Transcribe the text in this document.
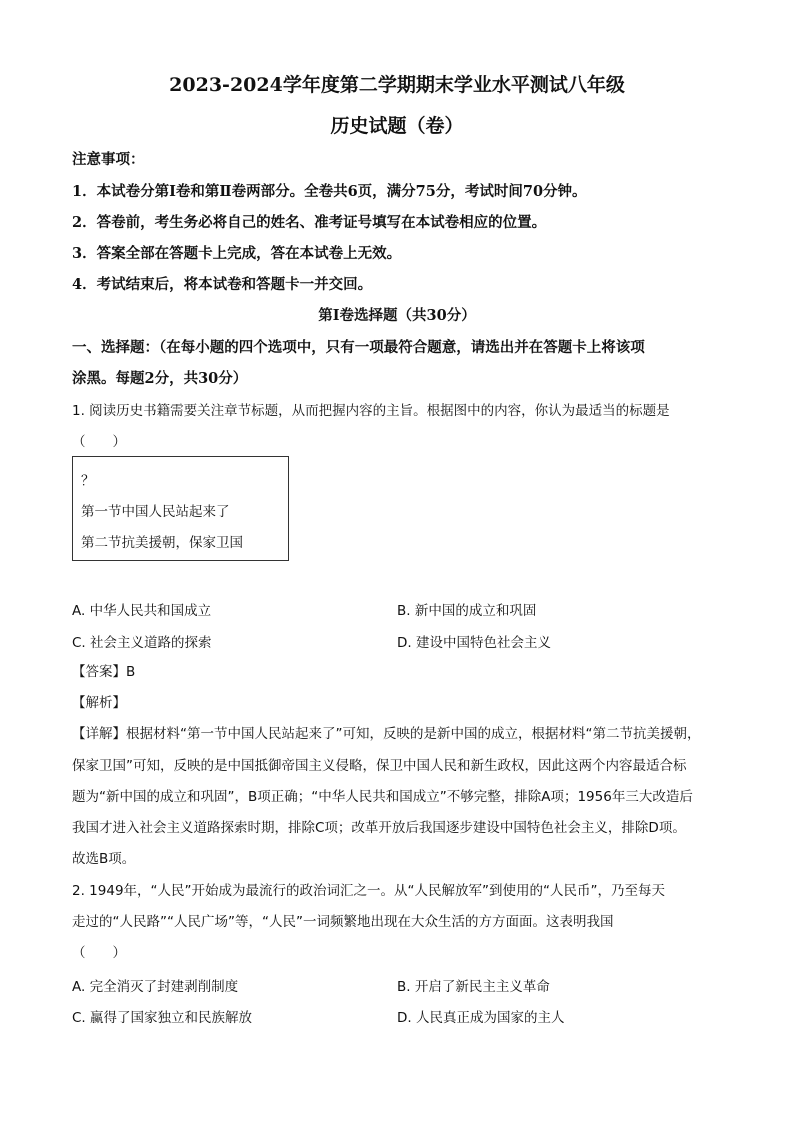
2023-2024学年度第二学期期末学业水平测试八年级
历史试题（卷）
注意事项：
1．本试卷分第Ⅰ卷和第Ⅱ卷两部分。全卷共6页，满分75分，考试时间70分钟。
2．答卷前，考生务必将自己的姓名、准考证号填写在本试卷相应的位置。
3．答案全部在答题卡上完成，答在本试卷上无效。
4．考试结束后，将本试卷和答题卡一并交回。
第Ⅰ卷选择题（共30分）
一、选择题：（在每小题的四个选项中，只有一项最符合题意，请选出并在答题卡上将该项
涂黑。每题2分，共30分）
1. 阅读历史书籍需要关注章节标题，从而把握内容的主旨。根据图中的内容，你认为最适当的标题是
（　　）
？
第一节中国人民站起来了
第二节抗美援朝，保家卫国
A. 中华人民共和国成立	B. 新中国的成立和巩固
C. 社会主义道路的探索	D. 建设中国特色社会主义
【答案】B
【解析】
【详解】根据材料“第一节中国人民站起来了”可知，反映的是新中国的成立，根据材料“第二节抗美援朝，
保家卫国”可知，反映的是中国抵御帝国主义侵略，保卫中国人民和新生政权，因此这两个内容最适合标
题为“新中国的成立和巩固”，B项正确；“中华人民共和国成立”不够完整，排除A项；1956年三大改造后
我国才进入社会主义道路探索时期，排除C项；改革开放后我国逐步建设中国特色社会主义，排除D项。
故选B项。
2. 1949年，“人民”开始成为最流行的政治词汇之一。从“人民解放军”到使用的“人民币”，乃至每天
走过的“人民路”“人民广场”等，“人民”一词频繁地出现在大众生活的方方面面。这表明我国
（　　）
A. 完全消灭了封建剥削制度	B. 开启了新民主主义革命
C. 赢得了国家独立和民族解放	D. 人民真正成为国家的主人
